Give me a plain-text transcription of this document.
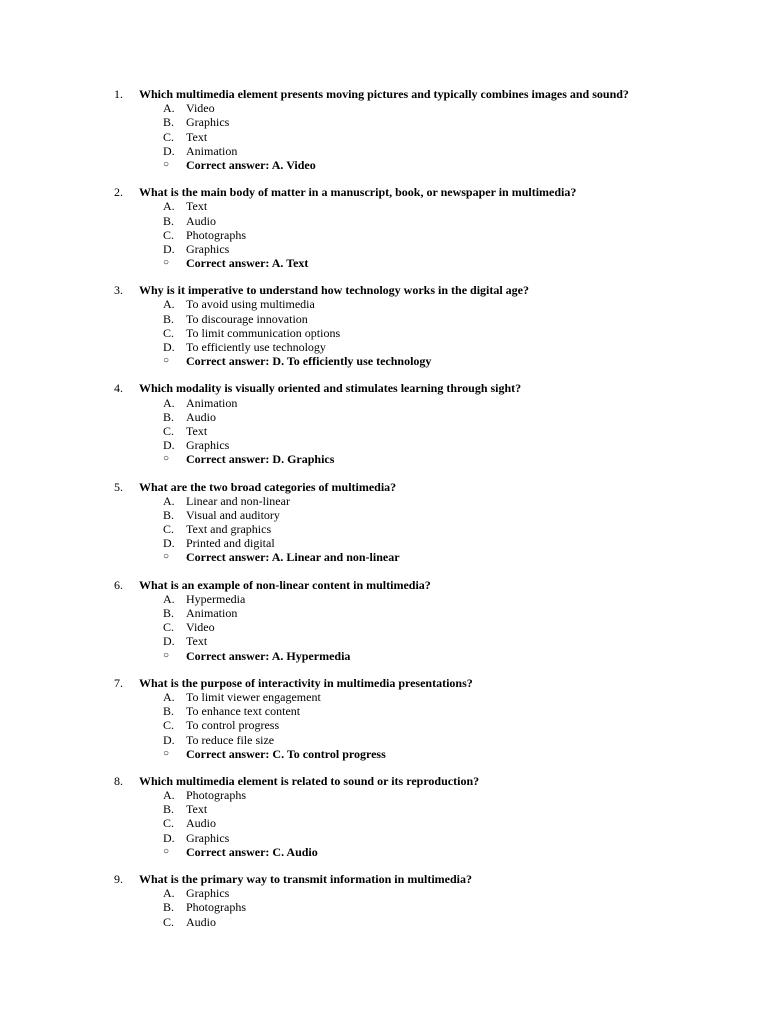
1.	Which multimedia element presents moving pictures and typically combines images and sound?
A. Video
B. Graphics
C. Text
D. Animation
○	Correct answer: A. Video
2.	What is the main body of matter in a manuscript, book, or newspaper in multimedia?
A. Text
B. Audio
C. Photographs
D. Graphics
○	Correct answer: A. Text
3.	Why is it imperative to understand how technology works in the digital age?
A. To avoid using multimedia
B. To discourage innovation
C. To limit communication options
D. To efficiently use technology
○	Correct answer: D. To efficiently use technology
4.	Which modality is visually oriented and stimulates learning through sight?
A. Animation
B. Audio
C. Text
D. Graphics
○	Correct answer: D. Graphics
5.	What are the two broad categories of multimedia?
A. Linear and non-linear
B. Visual and auditory
C. Text and graphics
D. Printed and digital
○	Correct answer: A. Linear and non-linear
6.	What is an example of non-linear content in multimedia?
A. Hypermedia
B. Animation
C. Video
D. Text
○	Correct answer: A. Hypermedia
7.	What is the purpose of interactivity in multimedia presentations?
A. To limit viewer engagement
B. To enhance text content
C. To control progress
D. To reduce file size
○	Correct answer: C. To control progress
8.	Which multimedia element is related to sound or its reproduction?
A. Photographs
B. Text
C. Audio
D. Graphics
○	Correct answer: C. Audio
9.	What is the primary way to transmit information in multimedia?
A. Graphics
B. Photographs
C. Audio
